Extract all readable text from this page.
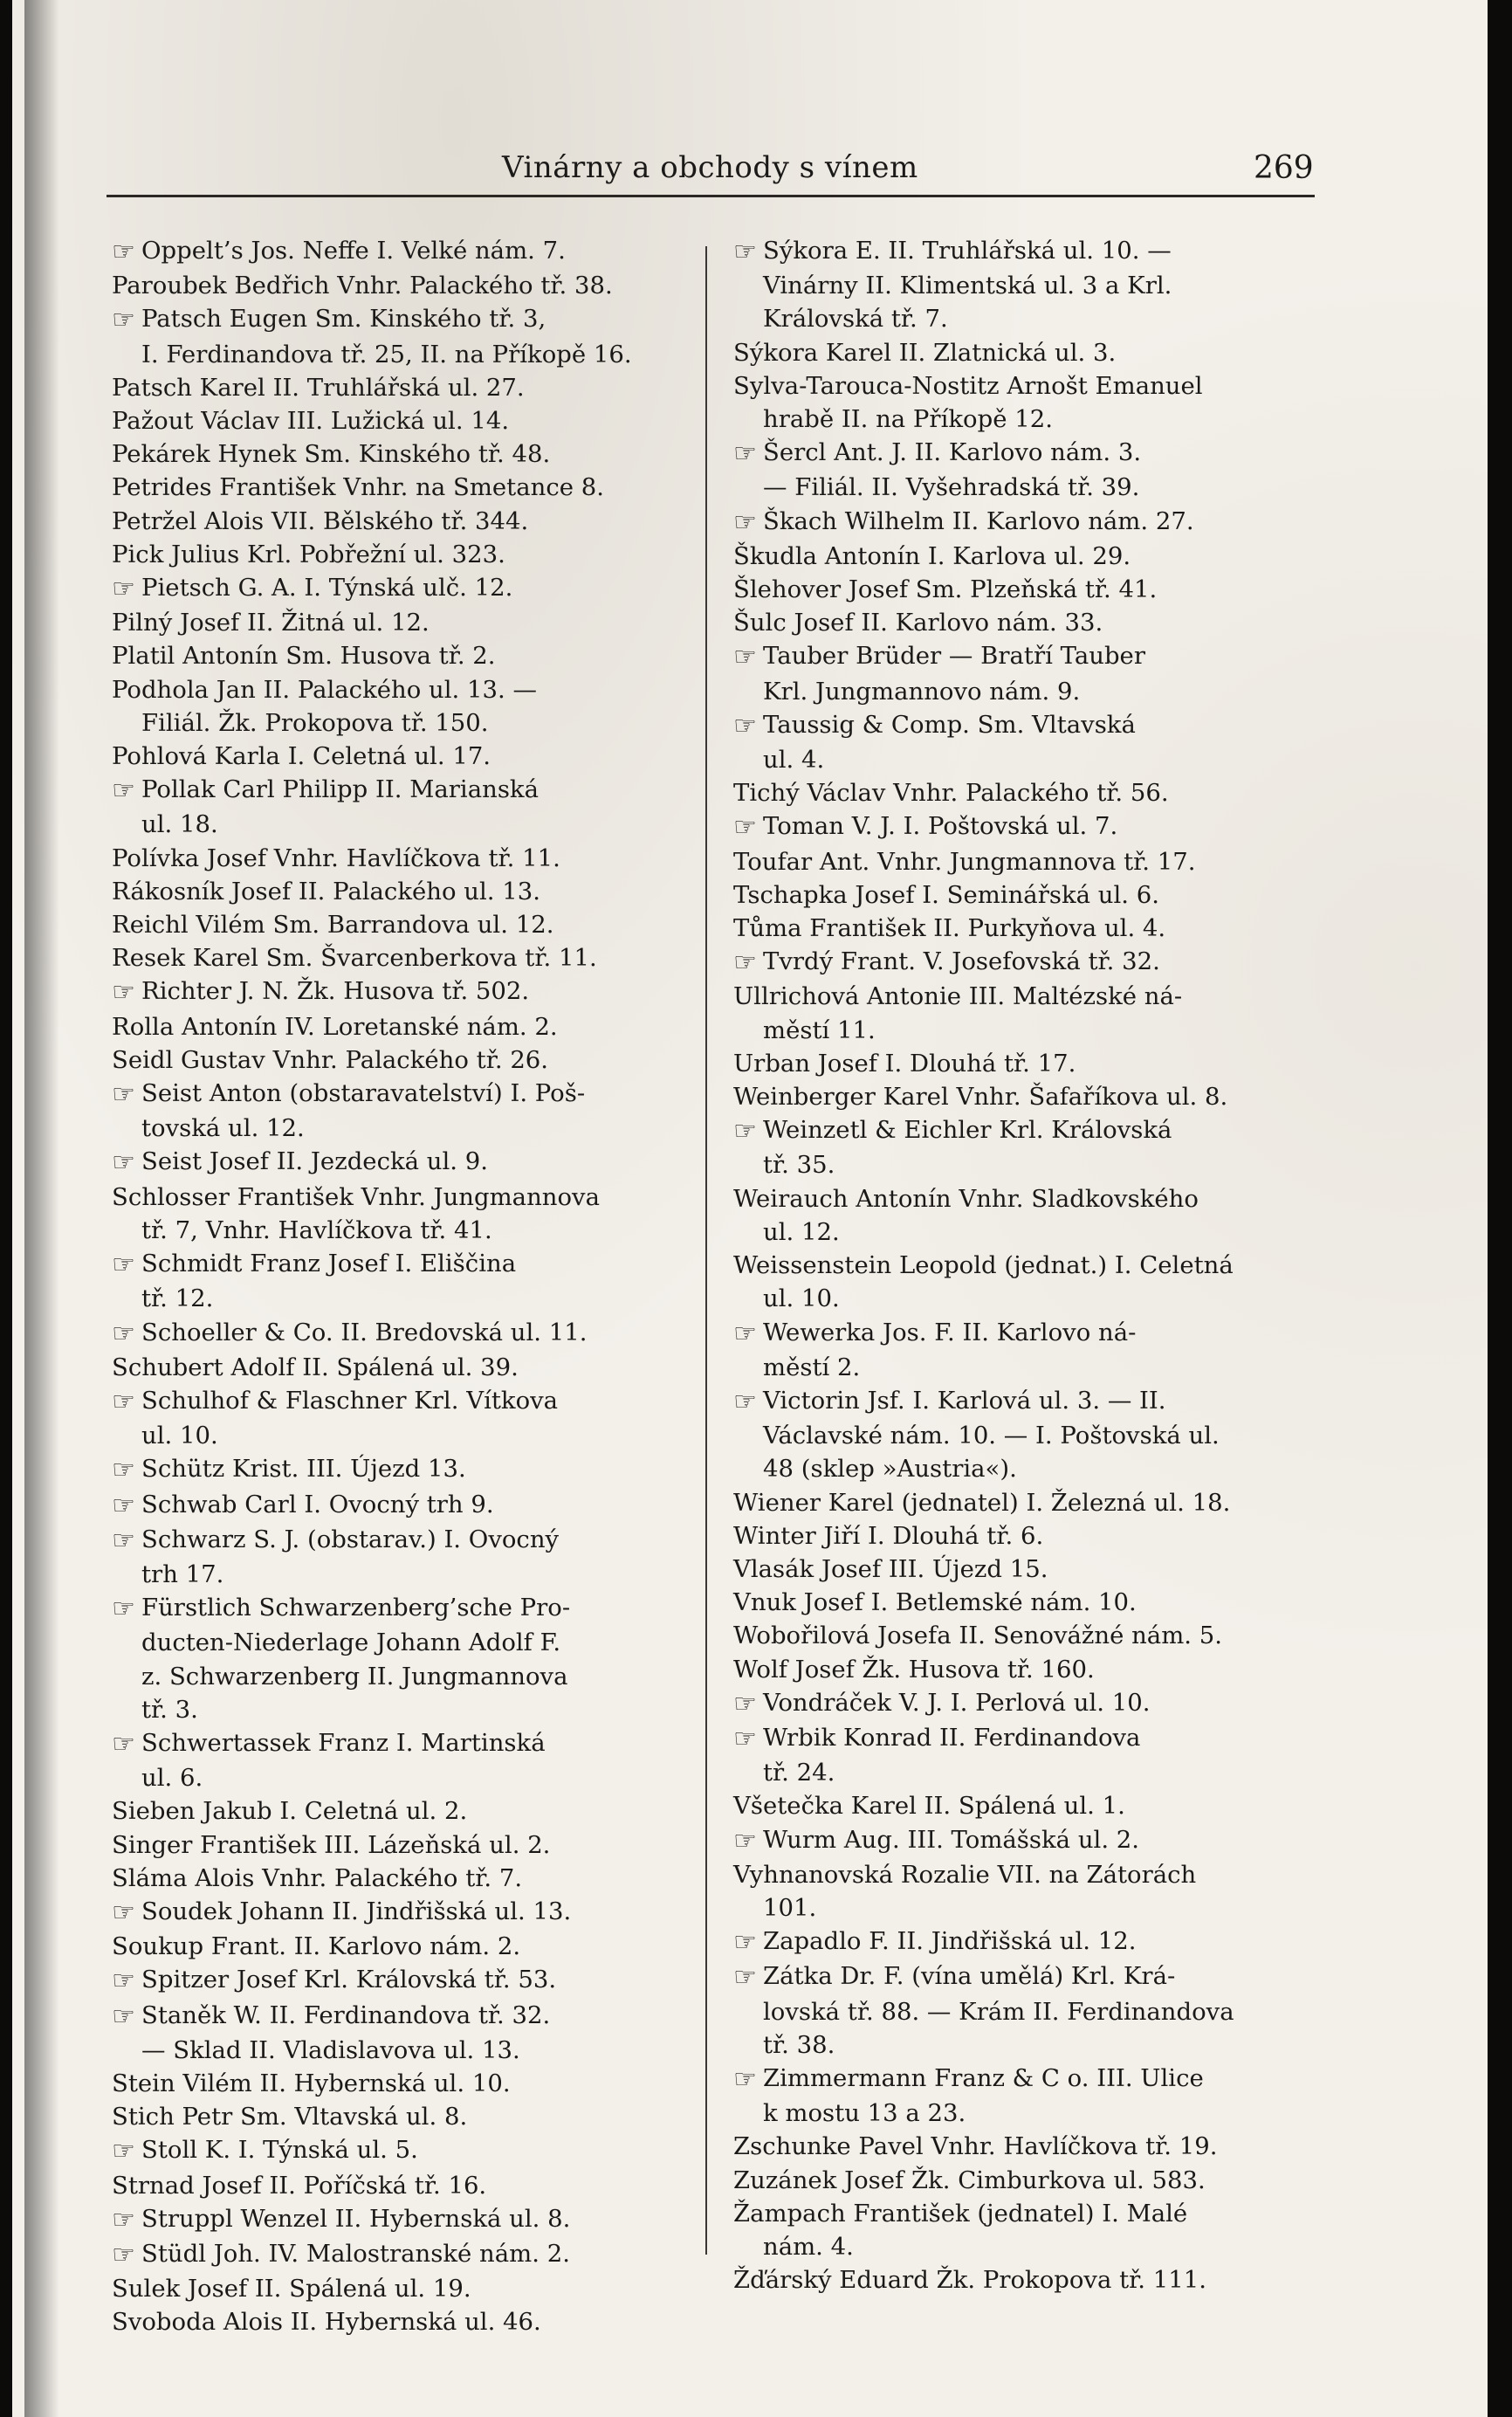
Vinárny a obchody s vínem	269
☞ Oppelt’s Jos. Neffe I. Velké nám. 7.
Paroubek Bedřich Vnhr. Palackého tř. 38.
☞ Patsch Eugen Sm. Kinského tř. 3,
I. Ferdinandova tř. 25, II. na Příkopě 16.
Patsch Karel II. Truhlářská ul. 27.
Pažout Václav III. Lužická ul. 14.
Pekárek Hynek Sm. Kinského tř. 48.
Petrides František Vnhr. na Smetance 8.
Petržel Alois VII. Bělského tř. 344.
Pick Julius Krl. Pobřežní ul. 323.
☞ Pietsch G. A. I. Týnská ulč. 12.
Pilný Josef II. Žitná ul. 12.
Platil Antonín Sm. Husova tř. 2.
Podhola Jan II. Palackého ul. 13. —
Filiál. Žk. Prokopova tř. 150.
Pohlová Karla I. Celetná ul. 17.
☞ Pollak Carl Philipp II. Marianská
ul. 18.
Polívka Josef Vnhr. Havlíčkova tř. 11.
Rákosník Josef II. Palackého ul. 13.
Reichl Vilém Sm. Barrandova ul. 12.
Resek Karel Sm. Švarcenberkova tř. 11.
☞ Richter J. N. Žk. Husova tř. 502.
Rolla Antonín IV. Loretanské nám. 2.
Seidl Gustav Vnhr. Palackého tř. 26.
☞ Seist Anton (obstaravatelství) I. Poš-
tovská ul. 12.
☞ Seist Josef II. Jezdecká ul. 9.
Schlosser František Vnhr. Jungmannova
tř. 7, Vnhr. Havlíčkova tř. 41.
☞ Schmidt Franz Josef I. Eliščina
tř. 12.
☞ Schoeller & Co. II. Bredovská ul. 11.
Schubert Adolf II. Spálená ul. 39.
☞ Schulhof & Flaschner Krl. Vítkova
ul. 10.
☞ Schütz Krist. III. Újezd 13.
☞ Schwab Carl I. Ovocný trh 9.
☞ Schwarz S. J. (obstarav.) I. Ovocný
trh 17.
☞ Fürstlich Schwarzenberg’sche Pro-
ducten-Niederlage Johann Adolf F.
z. Schwarzenberg II. Jungmannova
tř. 3.
☞ Schwertassek Franz I. Martinská
ul. 6.
Sieben Jakub I. Celetná ul. 2.
Singer František III. Lázeňská ul. 2.
Sláma Alois Vnhr. Palackého tř. 7.
☞ Soudek Johann II. Jindřišská ul. 13.
Soukup Frant. II. Karlovo nám. 2.
☞ Spitzer Josef Krl. Královská tř. 53.
☞ Staněk W. II. Ferdinandova tř. 32.
— Sklad II. Vladislavova ul. 13.
Stein Vilém II. Hybernská ul. 10.
Stich Petr Sm. Vltavská ul. 8.
☞ Stoll K. I. Týnská ul. 5.
Strnad Josef II. Poříčská tř. 16.
☞ Struppl Wenzel II. Hybernská ul. 8.
☞ Stüdl Joh. IV. Malostranské nám. 2.
Sulek Josef II. Spálená ul. 19.
Svoboda Alois II. Hybernská ul. 46.
☞ Sýkora E. II. Truhlářská ul. 10. —
Vinárny II. Klimentská ul. 3 a Krl.
Královská tř. 7.
Sýkora Karel II. Zlatnická ul. 3.
Sylva-Tarouca-Nostitz Arnošt Emanuel
hrabě II. na Příkopě 12.
☞ Šercl Ant. J. II. Karlovo nám. 3.
— Filiál. II. Vyšehradská tř. 39.
☞ Škach Wilhelm II. Karlovo nám. 27.
Škudla Antonín I. Karlova ul. 29.
Šlehover Josef Sm. Plzeňská tř. 41.
Šulc Josef II. Karlovo nám. 33.
☞ Tauber Brüder — Bratří Tauber
Krl. Jungmannovo nám. 9.
☞ Taussig & Comp. Sm. Vltavská
ul. 4.
Tichý Václav Vnhr. Palackého tř. 56.
☞ Toman V. J. I. Poštovská ul. 7.
Toufar Ant. Vnhr. Jungmannova tř. 17.
Tschapka Josef I. Seminářská ul. 6.
Tůma František II. Purkyňova ul. 4.
☞ Tvrdý Frant. V. Josefovská tř. 32.
Ullrichová Antonie III. Maltézské ná-
městí 11.
Urban Josef I. Dlouhá tř. 17.
Weinberger Karel Vnhr. Šafaříkova ul. 8.
☞ Weinzetl & Eichler Krl. Královská
tř. 35.
Weirauch Antonín Vnhr. Sladkovského
ul. 12.
Weissenstein Leopold (jednat.) I. Celetná
ul. 10.
☞ Wewerka Jos. F. II. Karlovo ná-
městí 2.
☞ Victorin Jsf. I. Karlová ul. 3. — II.
Václavské nám. 10. — I. Poštovská ul.
48 (sklep »Austria«).
Wiener Karel (jednatel) I. Železná ul. 18.
Winter Jiří I. Dlouhá tř. 6.
Vlasák Josef III. Újezd 15.
Vnuk Josef I. Betlemské nám. 10.
Wobořilová Josefa II. Senovážné nám. 5.
Wolf Josef Žk. Husova tř. 160.
☞ Vondráček V. J. I. Perlová ul. 10.
☞ Wrbik Konrad II. Ferdinandova
tř. 24.
Všetečka Karel II. Spálená ul. 1.
☞ Wurm Aug. III. Tomášská ul. 2.
Vyhnanovská Rozalie VII. na Zátorách
101.
☞ Zapadlo F. II. Jindřišská ul. 12.
☞ Zátka Dr. F. (vína umělá) Krl. Krá-
lovská tř. 88. — Krám II. Ferdinandova
tř. 38.
☞ Zimmermann Franz & C o. III. Ulice
k mostu 13 a 23.
Zschunke Pavel Vnhr. Havlíčkova tř. 19.
Zuzánek Josef Žk. Cimburkova ul. 583.
Žampach František (jednatel) I. Malé
nám. 4.
Žďárský Eduard Žk. Prokopova tř. 111.
